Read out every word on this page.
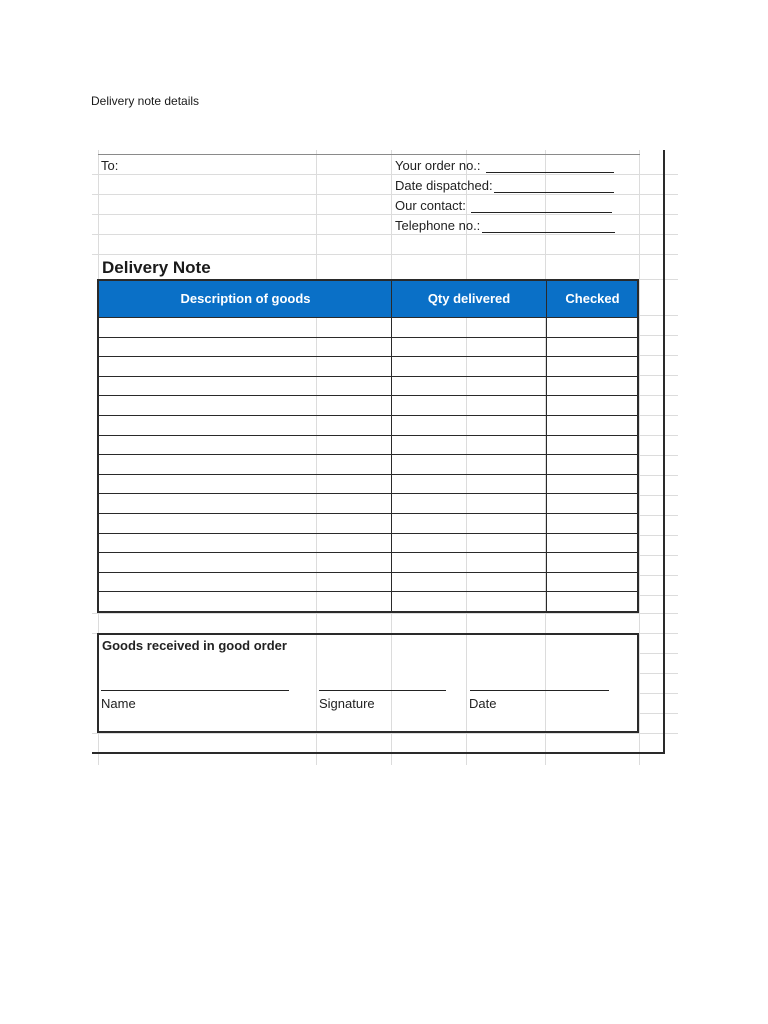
Delivery note details
To:	Your order no.:
Date dispatched:
Our contact:
Telephone no.:
Delivery Note
Description of goods	Qty delivered	Checked
Goods received in good order
Name	Signature	Date
